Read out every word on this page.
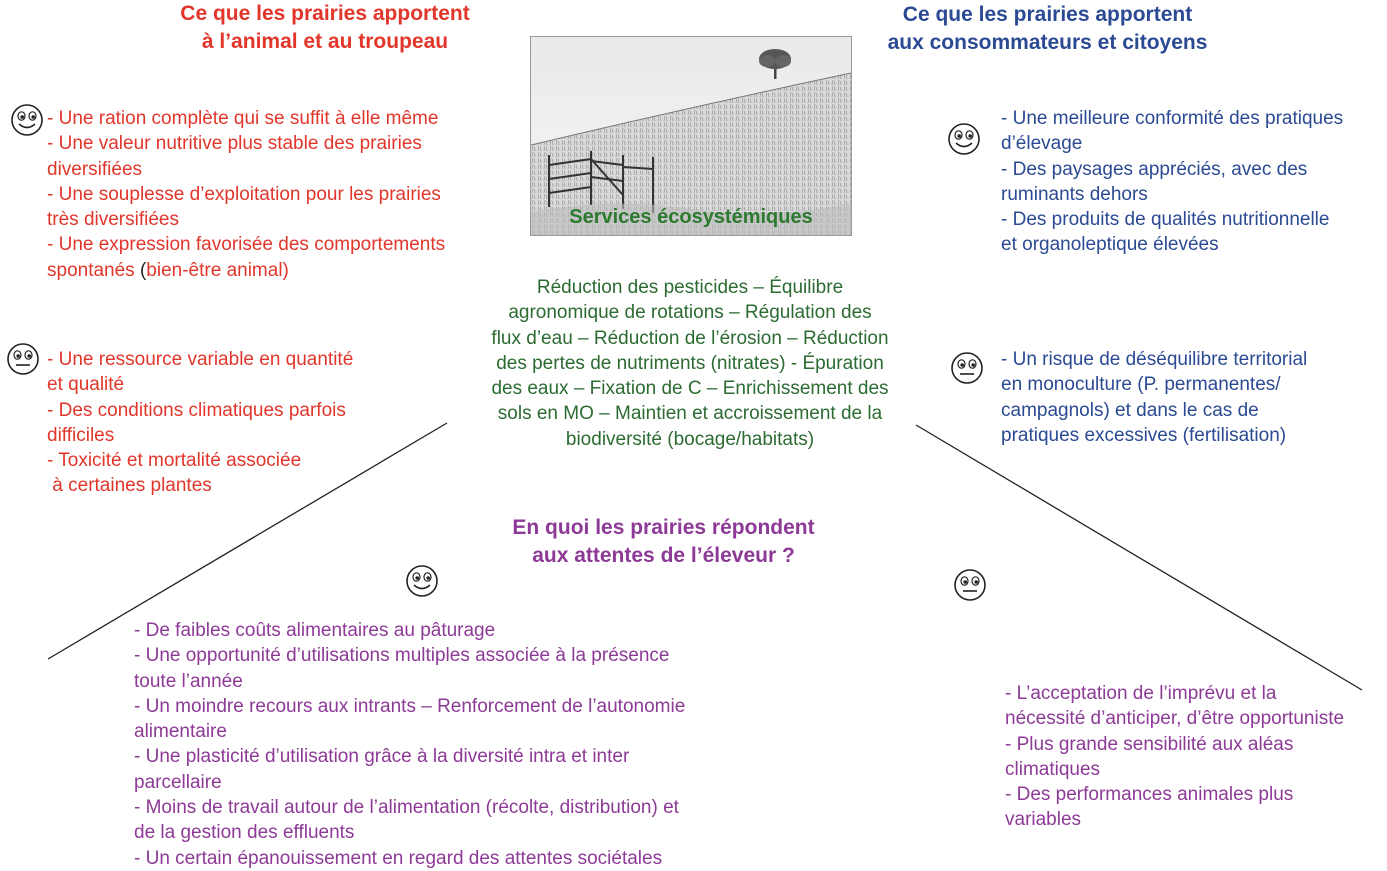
Ce que les prairies apportent
à l’animal et au troupeau
- Une ration complète qui se suffit à elle même
- Une valeur nutritive plus stable des prairies
diversifiées
- Une souplesse d’exploitation pour les prairies
très diversifiées
- Une expression favorisée des comportements
spontanés (bien-être animal)
- Une ressource variable en quantité
et qualité
- Des conditions climatiques parfois
difficiles
- Toxicité et mortalité associée
à certaines plantes
Services écosystémiques
Réduction des pesticides – Équilibre
agronomique de rotations – Régulation des
flux d’eau – Réduction de l’érosion – Réduction
des pertes de nutriments (nitrates) - Épuration
des eaux – Fixation de C – Enrichissement des
sols en MO – Maintien et accroissement de la
biodiversité (bocage/habitats)
Ce que les prairies apportent
aux consommateurs et citoyens
- Une meilleure conformité des pratiques
d’élevage
- Des paysages appréciés, avec des
ruminants dehors
- Des produits de qualités nutritionnelle
et organoleptique élevées
- Un risque de déséquilibre territorial
en monoculture (P. permanentes/
campagnols) et dans le cas de
pratiques excessives (fertilisation)
En quoi les prairies répondent
aux attentes de l’éleveur ?
- De faibles coûts alimentaires au pâturage
- Une opportunité d’utilisations multiples associée à la présence
toute l’année
- Un moindre recours aux intrants – Renforcement de l’autonomie
alimentaire
- Une plasticité d’utilisation grâce à la diversité intra et inter
parcellaire
- Moins de travail autour de l’alimentation (récolte, distribution) et
de la gestion des effluents
- Un certain épanouissement en regard des attentes sociétales
- L’acceptation de l’imprévu et la
nécessité d’anticiper, d’être opportuniste
- Plus grande sensibilité aux aléas
climatiques
- Des performances animales plus
variables
